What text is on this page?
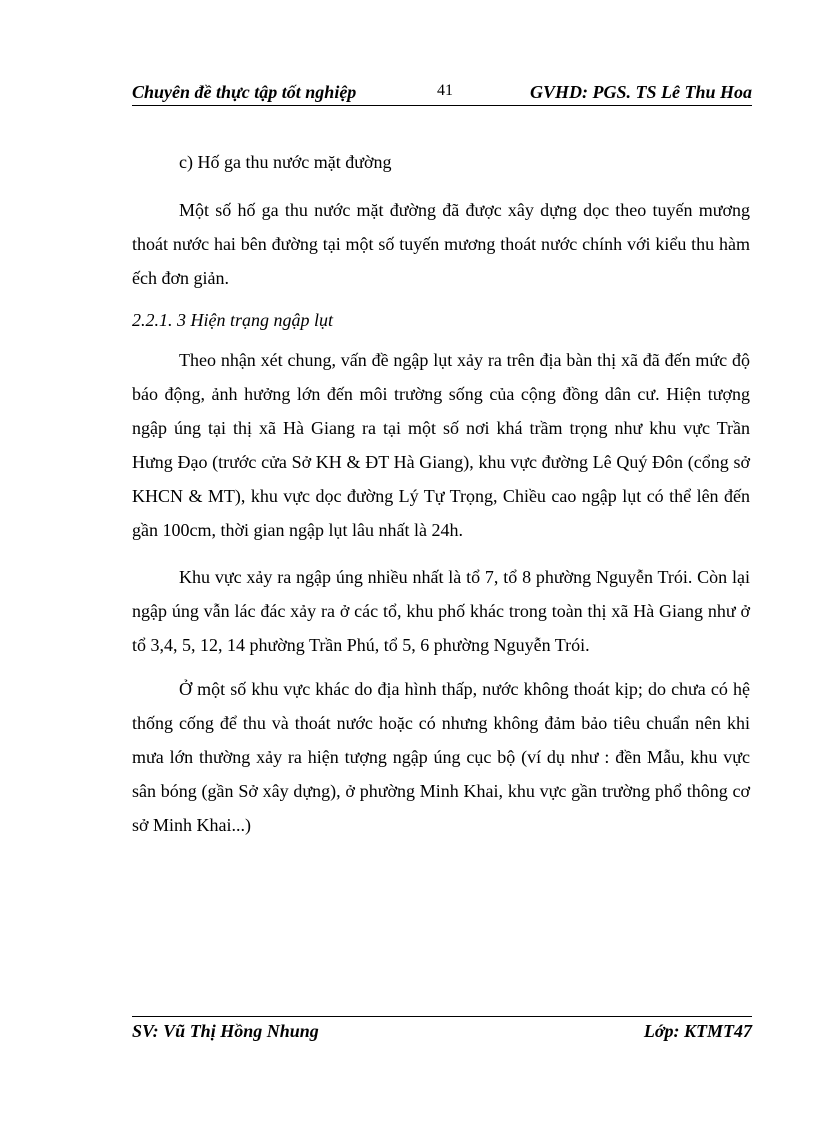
Chuyên đề thực tập tốt nghiệp	41	GVHD: PGS. TS Lê Thu Hoa
c) Hố ga thu nước mặt đường
Một số hố ga thu nước mặt đường đã được xây dựng dọc theo tuyến mương thoát nước hai bên đường tại một số tuyến mương thoát nước chính với kiểu thu hàm ếch đơn giản.
2.2.1. 3 Hiện trạng ngập lụt
Theo nhận xét chung, vấn đề ngập lụt xảy ra trên địa bàn thị xã đã đến mức độ báo động, ảnh hưởng lớn đến môi trường sống của cộng đồng dân cư. Hiện tượng ngập úng tại thị xã Hà Giang ra tại một số nơi khá trầm trọng như khu vực Trần Hưng Đạo (trước cửa Sở KH & ĐT Hà Giang), khu vực đường Lê Quý Đôn (cổng sở KHCN & MT), khu vực dọc đường Lý Tự Trọng, Chiều cao ngập lụt có thể lên đến gần 100cm, thời gian ngập lụt lâu nhất là 24h.
Khu vực xảy ra ngập úng nhiều nhất là tổ 7, tổ 8 phường Nguyễn Trói. Còn lại ngập úng vẫn lác đác xảy ra ở các tổ, khu phố khác trong toàn thị xã Hà Giang như ở tổ 3,4, 5, 12, 14 phường Trần Phú, tổ 5, 6 phường Nguyễn Trói.
Ở một số khu vực khác do địa hình thấp, nước không thoát kịp; do chưa có hệ thống cống để thu và thoát nước hoặc có nhưng không đảm bảo tiêu chuẩn nên khi mưa lớn thường xảy ra hiện tượng ngập úng cục bộ (ví dụ như : đền Mẫu, khu vực sân bóng (gần Sở xây dựng), ở phường Minh Khai, khu vực gần trường phổ thông cơ sở Minh Khai...)
SV: Vũ Thị Hồng Nhung	Lớp: KTMT47
